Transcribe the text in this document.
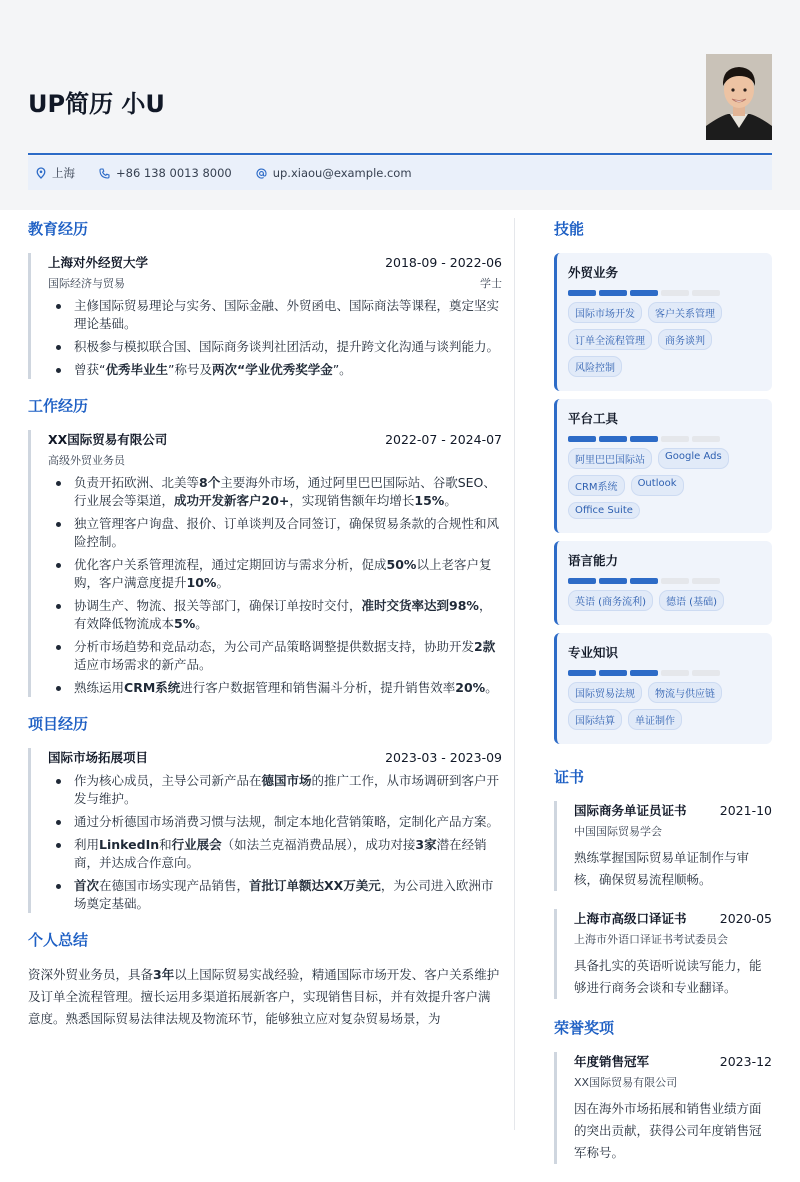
UP简历 小U
上海	+86 138 0013 8000	up.xiaou@example.com
教育经历
上海对外经贸大学	2018-09 - 2022-06
国际经济与贸易	学士
主修国际贸易理论与实务、国际金融、外贸函电、国际商法等课程，奠定坚实理论基础。
积极参与模拟联合国、国际商务谈判社团活动，提升跨文化沟通与谈判能力。
曾获“优秀毕业生”称号及两次“学业优秀奖学金”。
工作经历
XX国际贸易有限公司	2022-07 - 2024-07
高级外贸业务员
负责开拓欧洲、北美等8个主要海外市场，通过阿里巴巴国际站、谷歌SEO、行业展会等渠道，成功开发新客户20+，实现销售额年均增长15%。
独立管理客户询盘、报价、订单谈判及合同签订，确保贸易条款的合规性和风险控制。
优化客户关系管理流程，通过定期回访与需求分析，促成50%以上老客户复购，客户满意度提升10%。
协调生产、物流、报关等部门，确保订单按时交付，准时交货率达到98%，有效降低物流成本5%。
分析市场趋势和竞品动态，为公司产品策略调整提供数据支持，协助开发2款适应市场需求的新产品。
熟练运用CRM系统进行客户数据管理和销售漏斗分析，提升销售效率20%。
项目经历
国际市场拓展项目	2023-03 - 2023-09
作为核心成员，主导公司新产品在德国市场的推广工作，从市场调研到客户开发与维护。
通过分析德国市场消费习惯与法规，制定本地化营销策略，定制化产品方案。
利用LinkedIn和行业展会（如法兰克福消费品展），成功对接3家潜在经销商，并达成合作意向。
首次在德国市场实现产品销售，首批订单额达XX万美元，为公司进入欧洲市场奠定基础。
个人总结
资深外贸业务员，具备3年以上国际贸易实战经验，精通国际市场开发、客户关系维护及订单全流程管理。擅长运用多渠道拓展新客户，实现销售目标，并有效提升客户满意度。熟悉国际贸易法律法规及物流环节，能够独立应对复杂贸易场景，为
技能
外贸业务
国际市场开发	客户关系管理
订单全流程管理	商务谈判
风险控制
平台工具
阿里巴巴国际站	Google Ads
CRM系统	Outlook
Office Suite
语言能力
英语 (商务流利)	德语 (基础)
专业知识
国际贸易法规	物流与供应链
国际结算	单证制作
证书
国际商务单证员证书	2021-10
中国国际贸易学会
熟练掌握国际贸易单证制作与审核，确保贸易流程顺畅。
上海市高级口译证书	2020-05
上海市外语口译证书考试委员会
具备扎实的英语听说读写能力，能够进行商务会谈和专业翻译。
荣誉奖项
年度销售冠军	2023-12
XX国际贸易有限公司
因在海外市场拓展和销售业绩方面的突出贡献，获得公司年度销售冠军称号。
